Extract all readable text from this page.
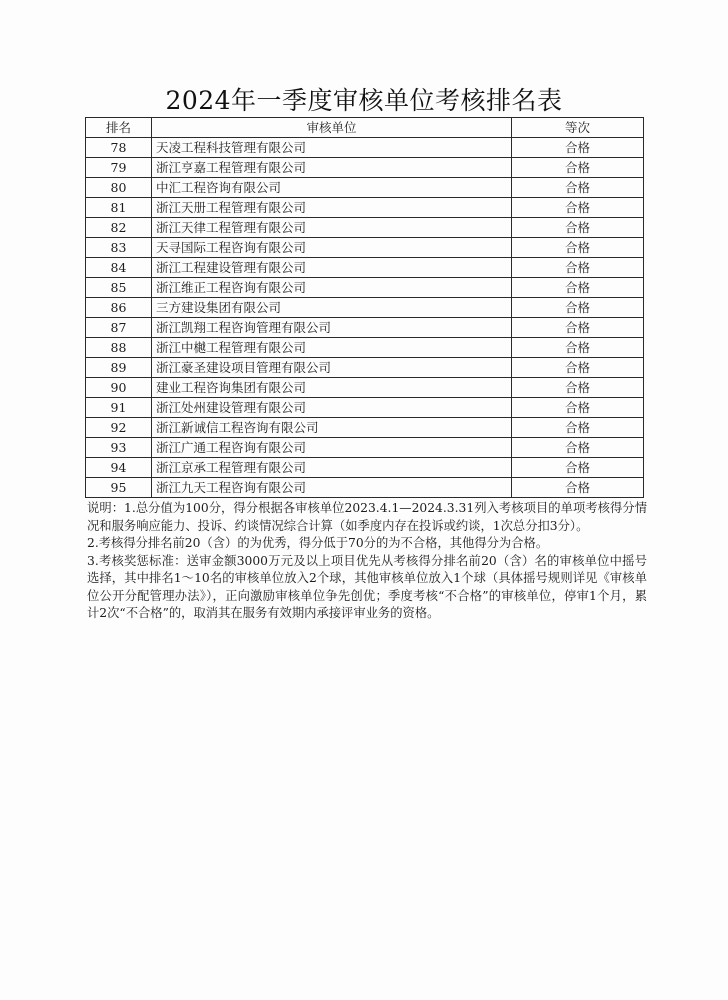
2024年一季度审核单位考核排名表
排名	审核单位	等次
78	天凌工程科技管理有限公司	合格
79	浙江亨嘉工程管理有限公司	合格
80	中汇工程咨询有限公司	合格
81	浙江天册工程管理有限公司	合格
82	浙江天律工程管理有限公司	合格
83	天寻国际工程咨询有限公司	合格
84	浙江工程建设管理有限公司	合格
85	浙江维正工程咨询有限公司	合格
86	三方建设集团有限公司	合格
87	浙江凯翔工程咨询管理有限公司	合格
88	浙江中樾工程管理有限公司	合格
89	浙江豪圣建设项目管理有限公司	合格
90	建业工程咨询集团有限公司	合格
91	浙江处州建设管理有限公司	合格
92	浙江新诚信工程咨询有限公司	合格
93	浙江广通工程咨询有限公司	合格
94	浙江京承工程管理有限公司	合格
95	浙江九天工程咨询有限公司	合格

说明：1.总分值为100分，得分根据各审核单位2023.4.1—2024.3.31列入考核项目的单项考核得分情况和服务响应能力、投诉、约谈情况综合计算（如季度内存在投诉或约谈，1次总分扣3分）。

2.考核得分排名前20（含）的为优秀，得分低于70分的为不合格，其他得分为合格。

3.考核奖惩标准：送审金额3000万元及以上项目优先从考核得分排名前20（含）名的审核单位中摇号选择，其中排名1～10名的审核单位放入2个球，其他审核单位放入1个球（具体摇号规则详见《审核单位公开分配管理办法》），正向激励审核单位争先创优；季度考核“不合格”的审核单位，停审1个月，累计2次“不合格”的，取消其在服务有效期内承接评审业务的资格。
